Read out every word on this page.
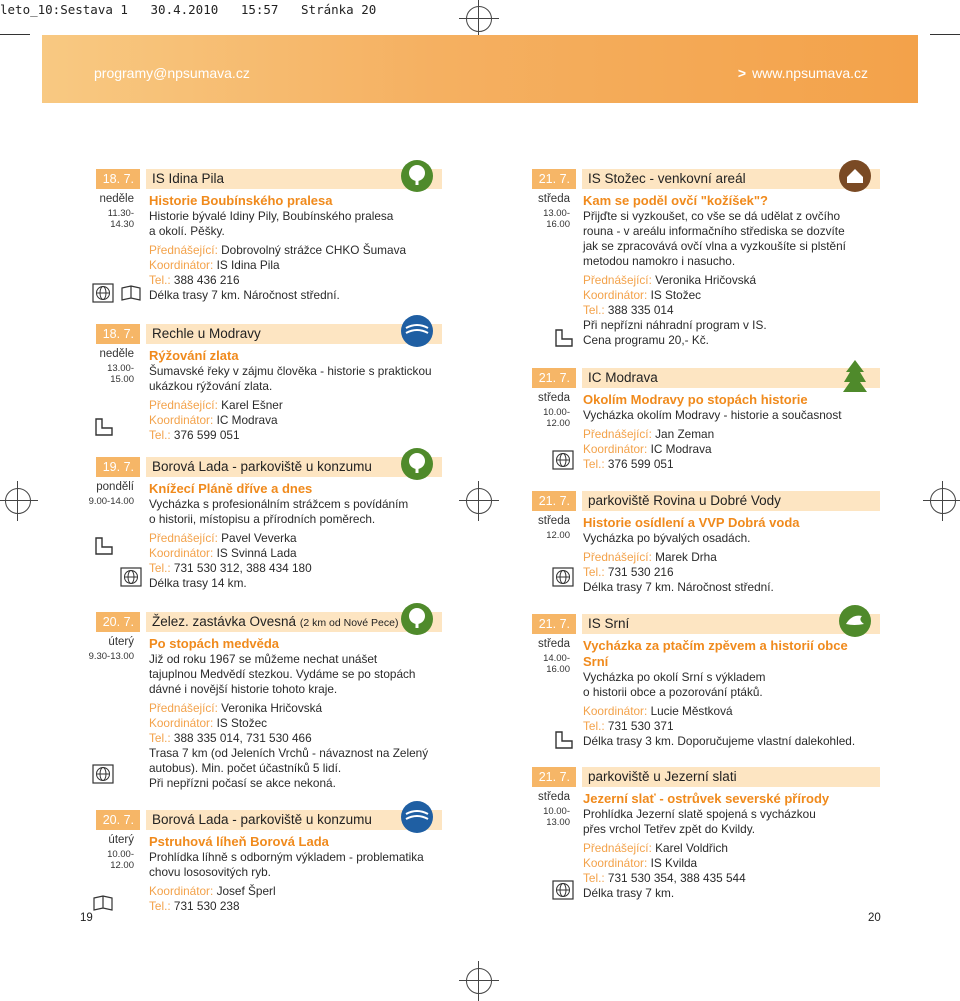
leto_10:Sestava 1   30.4.2010   15:57   Stránka 20
programy@npsumava.cz	> www.npsumava.cz
18. 7.	IS Idina Pila
neděle
11.30-14.30

Historie Boubínského pralesa

Historie bývalé Idiny Pily, Boubínského pralesa

a okolí. Pěšky.

Přednášející: Dobrovolný strážce CHKO Šumava

Koordinátor: IS Idina Pila

Tel.: 388 436 216

Délka trasy 7 km. Náročnost střední.

18. 7.	Rechle u Modravy
neděle
13.00-15.00

Rýžování zlata

Šumavské řeky v zájmu člověka - historie s praktickou

ukázkou rýžování zlata.

Přednášející: Karel Ešner

Koordinátor: IC Modrava

Tel.: 376 599 051

19. 7.	Borová Lada - parkoviště u konzumu
pondělí
9.00-14.00

Knížecí Pláně dříve a dnes

Vycházka s profesionálním strážcem s povídáním

o historii, místopisu a přírodních poměrech.

Přednášející: Pavel Veverka

Koordinátor: IS Svinná Lada

Tel.: 731 530 312, 388 434 180

Délka trasy 14 km.

20. 7.	Želez. zastávka Ovesná (2 km od Nové Pece)
úterý
9.30-13.00

Po stopách medvěda

Již od roku 1967 se můžeme nechat unášet

tajuplnou Medvědí stezkou. Vydáme se po stopách

dávné i novější historie tohoto kraje.

Přednášející: Veronika Hričovská

Koordinátor: IS Stožec

Tel.: 388 335 014, 731 530 466

Trasa 7 km (od Jeleních Vrchů - návaznost na Zelený

autobus). Min. počet účastníků 5 lidí.

Při nepřízni počasí se akce nekoná.

20. 7.	Borová Lada - parkoviště u konzumu
úterý
10.00-12.00

Pstruhová líheň Borová Lada

Prohlídka líhně s odborným výkladem - problematika

chovu lososovitých ryb.

Koordinátor: Josef Šperl

Tel.: 731 530 238

21. 7.	IS Stožec - venkovní areál
středa
13.00-16.00

Kam se poděl ovčí "kožíšek"?

Přijďte si vyzkoušet, co vše se dá udělat z ovčího

rouna - v areálu informačního střediska se dozvíte

jak se zpracovává ovčí vlna a vyzkoušíte si plstění

metodou namokro i nasucho.

Přednášející: Veronika Hričovská

Koordinátor: IS Stožec

Tel.: 388 335 014

Při nepřízni náhradní program v IS.

Cena programu 20,- Kč.

21. 7.	IC Modrava
středa
10.00-12.00

Okolím Modravy po stopách historie

Vycházka okolím Modravy - historie a současnost

Přednášející: Jan Zeman

Koordinátor: IC Modrava

Tel.: 376 599 051

21. 7.	parkoviště Rovina u Dobré Vody
středa
12.00

Historie osídlení a VVP Dobrá voda

Vycházka po bývalých osadách.

Přednášející: Marek Drha

Tel.: 731 530 216

Délka trasy 7 km. Náročnost střední.

21. 7.	IS Srní
středa
14.00-16.00

Vycházka za ptačím zpěvem a historií obce Srní

Vycházka po okolí Srní s výkladem

o historii obce a pozorování ptáků.

Koordinátor: Lucie Městková

Tel.: 731 530 371

Délka trasy 3 km. Doporučujeme vlastní dalekohled.

21. 7.	parkoviště u Jezerní slati
středa
10.00-13.00

Jezerní slať - ostrůvek severské přírody

Prohlídka Jezerní slatě spojená s vycházkou

přes vrchol Tetřev zpět do Kvildy.

Přednášející: Karel Voldřich

Koordinátor: IS Kvilda

Tel.: 731 530 354, 388 435 544

Délka trasy 7 km.

19	20
